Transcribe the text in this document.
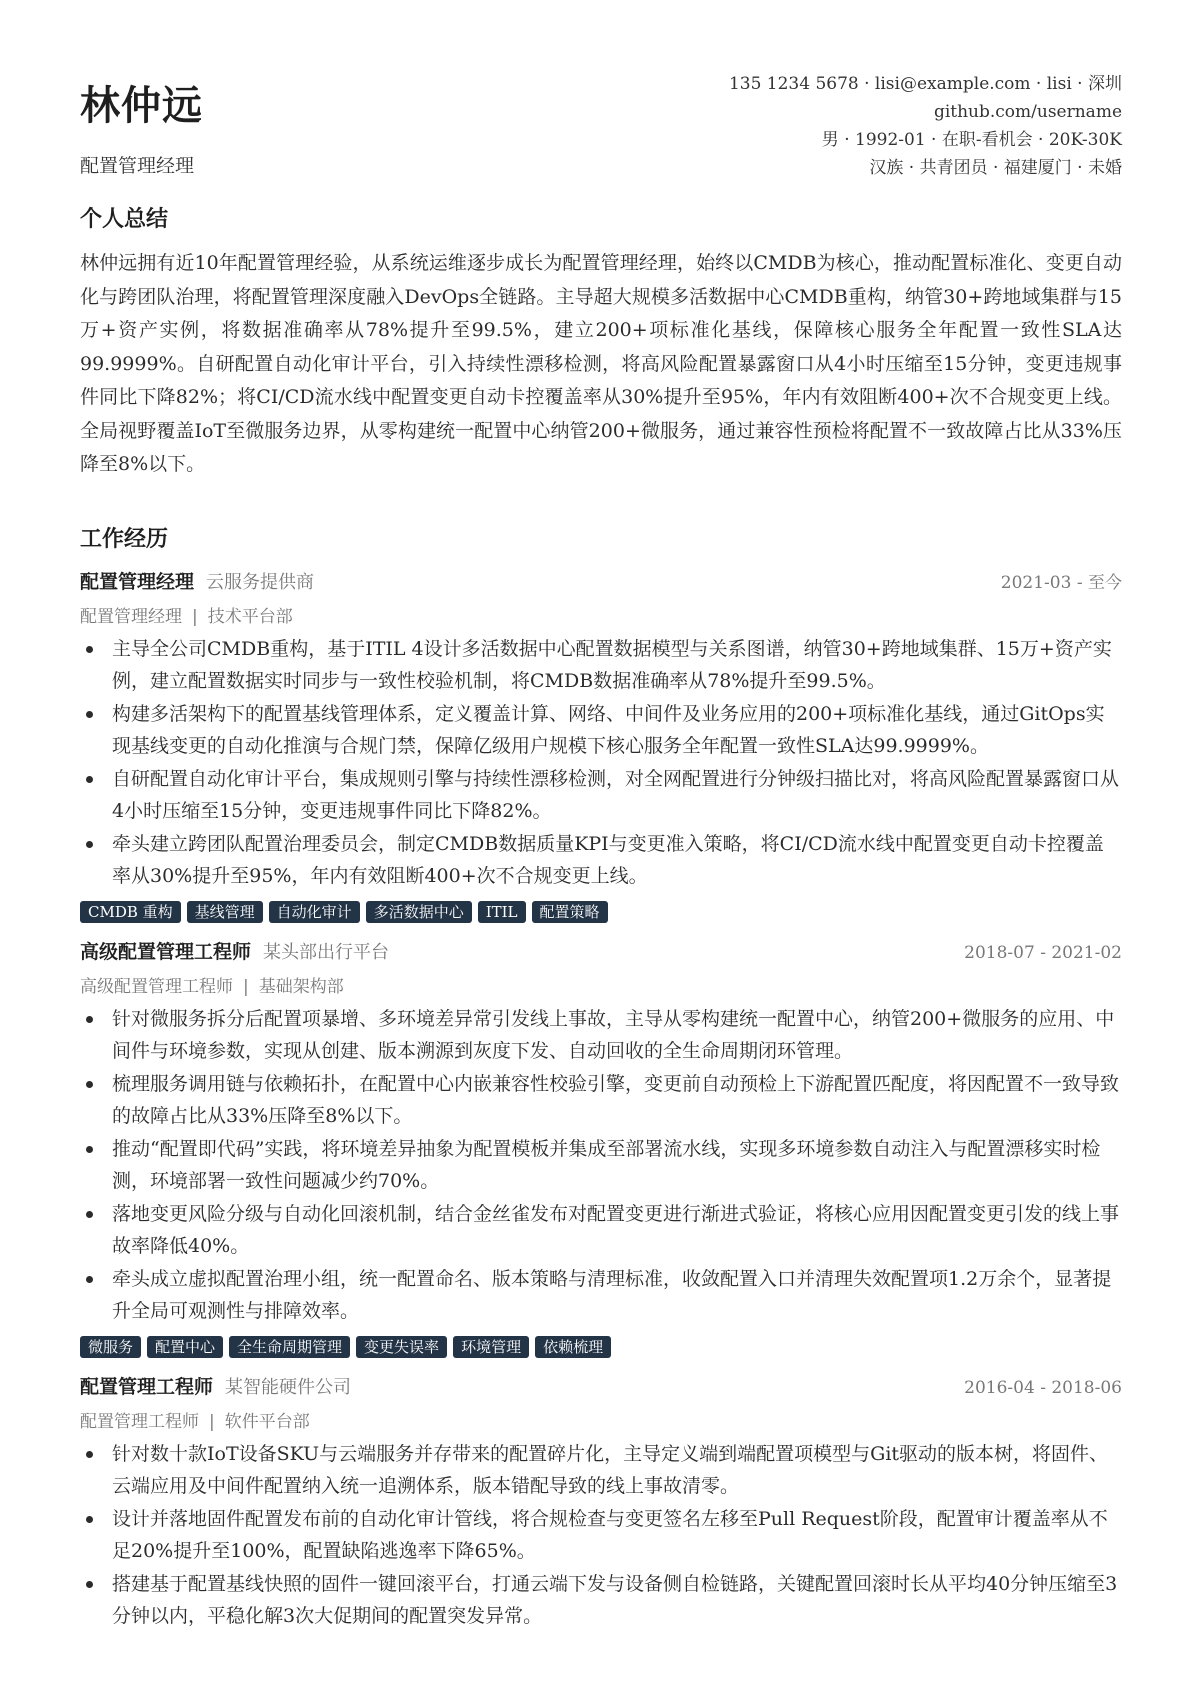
林仲远
配置管理经理
135 1234 5678 · lisi@example.com · lisi · 深圳
github.com/username
男 · 1992-01 · 在职-看机会 · 20K-30K
汉族 · 共青团员 · 福建厦门 · 未婚
个人总结
林仲远拥有近10年配置管理经验，从系统运维逐步成长为配置管理经理，始终以CMDB为核心，推动配置标准化、变更自动化与跨团队治理，将配置管理深度融入DevOps全链路。主导超大规模多活数据中心CMDB重构，纳管30+跨地域集群与15万+资产实例，将数据准确率从78%提升至99.5%，建立200+项标准化基线，保障核心服务全年配置一致性SLA达99.9999%。自研配置自动化审计平台，引入持续性漂移检测，将高风险配置暴露窗口从4小时压缩至15分钟，变更违规事件同比下降82%；将CI/CD流水线中配置变更自动卡控覆盖率从30%提升至95%，年内有效阻断400+次不合规变更上线。全局视野覆盖IoT至微服务边界，从零构建统一配置中心纳管200+微服务，通过兼容性预检将配置不一致故障占比从33%压降至8%以下。
工作经历
配置管理经理 云服务提供商	2021-03 - 至今
配置管理经理 | 技术平台部
主导全公司CMDB重构，基于ITIL 4设计多活数据中心配置数据模型与关系图谱，纳管30+跨地域集群、15万+资产实例，建立配置数据实时同步与一致性校验机制，将CMDB数据准确率从78%提升至99.5%。
构建多活架构下的配置基线管理体系，定义覆盖计算、网络、中间件及业务应用的200+项标准化基线，通过GitOps实现基线变更的自动化推演与合规门禁，保障亿级用户规模下核心服务全年配置一致性SLA达99.9999%。
自研配置自动化审计平台，集成规则引擎与持续性漂移检测，对全网配置进行分钟级扫描比对，将高风险配置暴露窗口从4小时压缩至15分钟，变更违规事件同比下降82%。
牵头建立跨团队配置治理委员会，制定CMDB数据质量KPI与变更准入策略，将CI/CD流水线中配置变更自动卡控覆盖率从30%提升至95%，年内有效阻断400+次不合规变更上线。
CMDB 重构	基线管理	自动化审计	多活数据中心	ITIL	配置策略
高级配置管理工程师 某头部出行平台	2018-07 - 2021-02
高级配置管理工程师 | 基础架构部
针对微服务拆分后配置项暴增、多环境差异常引发线上事故，主导从零构建统一配置中心，纳管200+微服务的应用、中间件与环境参数，实现从创建、版本溯源到灰度下发、自动回收的全生命周期闭环管理。
梳理服务调用链与依赖拓扑，在配置中心内嵌兼容性校验引擎，变更前自动预检上下游配置匹配度，将因配置不一致导致的故障占比从33%压降至8%以下。
推动“配置即代码”实践，将环境差异抽象为配置模板并集成至部署流水线，实现多环境参数自动注入与配置漂移实时检测，环境部署一致性问题减少约70%。
落地变更风险分级与自动化回滚机制，结合金丝雀发布对配置变更进行渐进式验证，将核心应用因配置变更引发的线上事故率降低40%。
牵头成立虚拟配置治理小组，统一配置命名、版本策略与清理标准，收敛配置入口并清理失效配置项1.2万余个，显著提升全局可观测性与排障效率。
微服务	配置中心	全生命周期管理	变更失误率	环境管理	依赖梳理
配置管理工程师 某智能硬件公司	2016-04 - 2018-06
配置管理工程师 | 软件平台部
针对数十款IoT设备SKU与云端服务并存带来的配置碎片化，主导定义端到端配置项模型与Git驱动的版本树，将固件、云端应用及中间件配置纳入统一追溯体系，版本错配导致的线上事故清零。
设计并落地固件配置发布前的自动化审计管线，将合规检查与变更签名左移至Pull Request阶段，配置审计覆盖率从不足20%提升至100%，配置缺陷逃逸率下降65%。
搭建基于配置基线快照的固件一键回滚平台，打通云端下发与设备侧自检链路，关键配置回滚时长从平均40分钟压缩至3分钟以内，平稳化解3次大促期间的配置突发异常。
